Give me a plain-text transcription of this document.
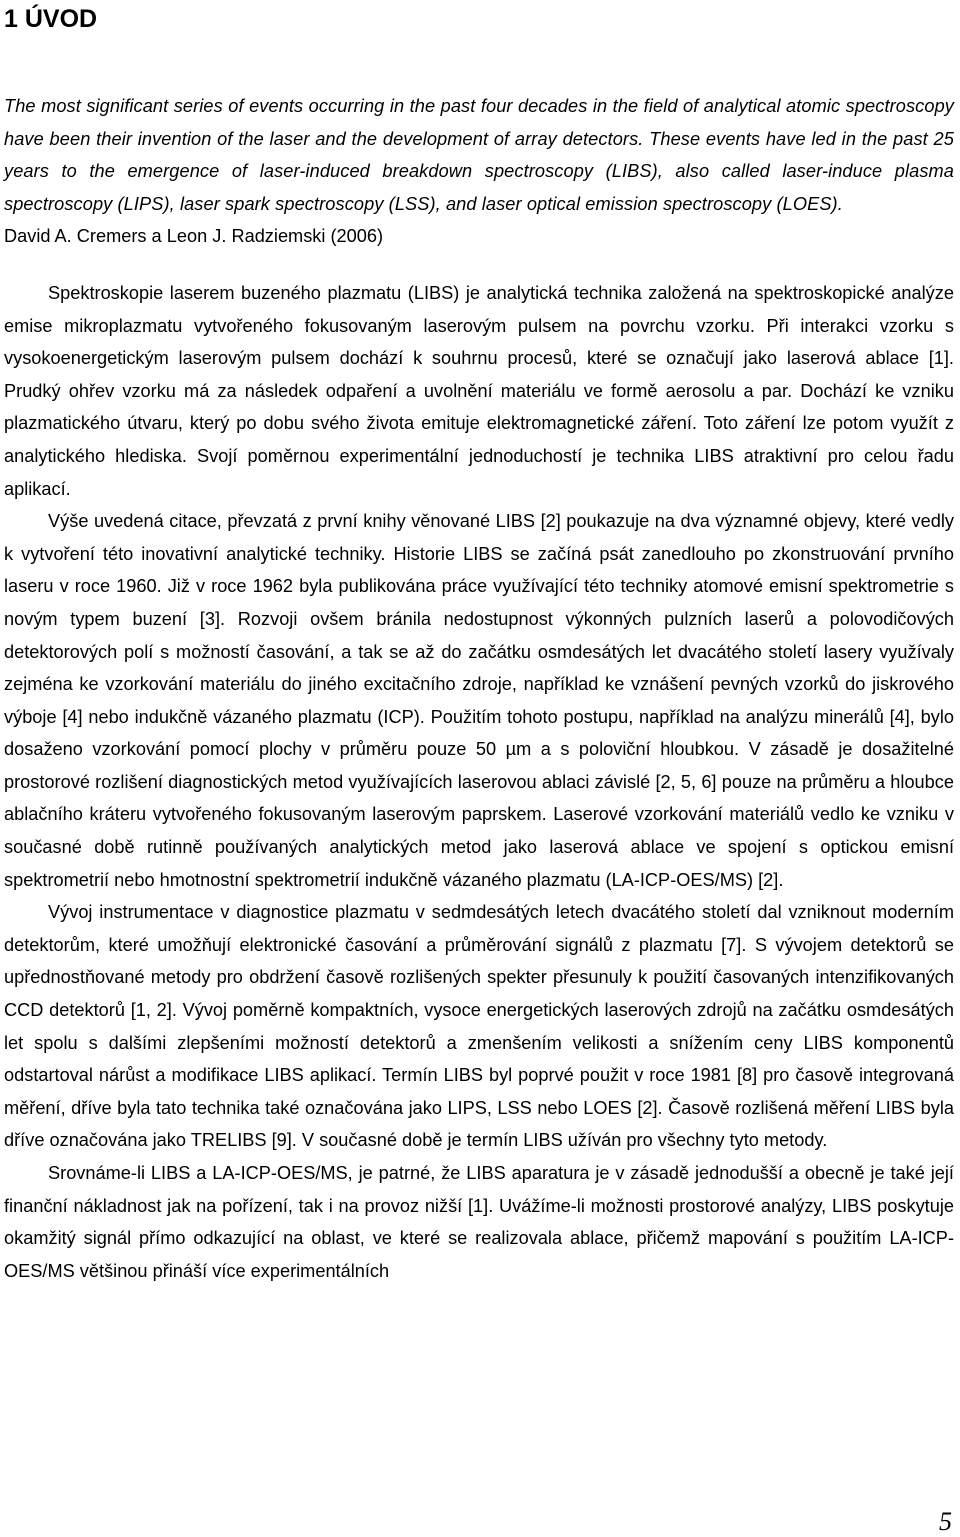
1 ÚVOD

The most significant series of events occurring in the past four decades in the field of analytical atomic spectroscopy have been their invention of the laser and the development of array detectors. These events have led in the past 25 years to the emergence of laser-induced breakdown spectroscopy (LIBS), also called laser-induce plasma spectroscopy (LIPS), laser spark spectroscopy (LSS), and laser optical emission spectroscopy (LOES).

David A. Cremers a Leon J. Radziemski (2006)

Spektroskopie laserem buzeného plazmatu (LIBS) je analytická technika založená na spektroskopické analýze emise mikroplazmatu vytvořeného fokusovaným laserovým pulsem na povrchu vzorku. Při interakci vzorku s vysokoenergetickým laserovým pulsem dochází k souhrnu procesů, které se označují jako laserová ablace [1]. Prudký ohřev vzorku má za následek odpaření a uvolnění materiálu ve formě aerosolu a par. Dochází ke vzniku plazmatického útvaru, který po dobu svého života emituje elektromagnetické záření. Toto záření lze potom využít z analytického hlediska. Svojí poměrnou experimentální jednoduchostí je technika LIBS atraktivní pro celou řadu aplikací.

Výše uvedená citace, převzatá z první knihy věnované LIBS [2] poukazuje na dva významné objevy, které vedly k vytvoření této inovativní analytické techniky. Historie LIBS se začíná psát zanedlouho po zkonstruování prvního laseru v roce 1960. Již v roce 1962 byla publikována práce využívající této techniky atomové emisní spektrometrie s novým typem buzení [3]. Rozvoji ovšem bránila nedostupnost výkonných pulzních laserů a polovodičových detektorových polí s možností časování, a tak se až do začátku osmdesátých let dvacátého století lasery využívaly zejména ke vzorkování materiálu do jiného excitačního zdroje, například ke vznášení pevných vzorků do jiskrového výboje [4] nebo indukčně vázaného plazmatu (ICP). Použitím tohoto postupu, například na analýzu minerálů [4], bylo dosaženo vzorkování pomocí plochy v průměru pouze 50 µm a s poloviční hloubkou. V zásadě je dosažitelné prostorové rozlišení diagnostických metod využívajících laserovou ablaci závislé [2, 5, 6] pouze na průměru a hloubce ablačního kráteru vytvořeného fokusovaným laserovým paprskem. Laserové vzorkování materiálů vedlo ke vzniku v současné době rutinně používaných analytických metod jako laserová ablace ve spojení s optickou emisní spektrometrií nebo hmotnostní spektrometrií indukčně vázaného plazmatu (LA-ICP-OES/MS) [2].

Vývoj instrumentace v diagnostice plazmatu v sedmdesátých letech dvacátého století dal vzniknout moderním detektorům, které umožňují elektronické časování a průměrování signálů z plazmatu [7]. S vývojem detektorů se upřednostňované metody pro obdržení časově rozlišených spekter přesunuly k použití časovaných intenzifikovaných CCD detektorů [1, 2]. Vývoj poměrně kompaktních, vysoce energetických laserových zdrojů na začátku osmdesátých let spolu s dalšími zlepšeními možností detektorů a zmenšením velikosti a snížením ceny LIBS komponentů odstartoval nárůst a modifikace LIBS aplikací. Termín LIBS byl poprvé použit v roce 1981 [8] pro časově integrovaná měření, dříve byla tato technika také označována jako LIPS, LSS nebo LOES [2]. Časově rozlišená měření LIBS byla dříve označována jako TRELIBS [9]. V současné době je termín LIBS užíván pro všechny tyto metody.

Srovnáme-li LIBS a LA-ICP-OES/MS, je patrné, že LIBS aparatura je v zásadě jednodušší a obecně je také její finanční nákladnost jak na pořízení, tak i na provoz nižší [1]. Uvážíme-li možnosti prostorové analýzy, LIBS poskytuje okamžitý signál přímo odkazující na oblast, ve které se realizovala ablace, přičemž mapování s použitím LA-ICP-OES/MS většinou přináší více experimentálních

5
